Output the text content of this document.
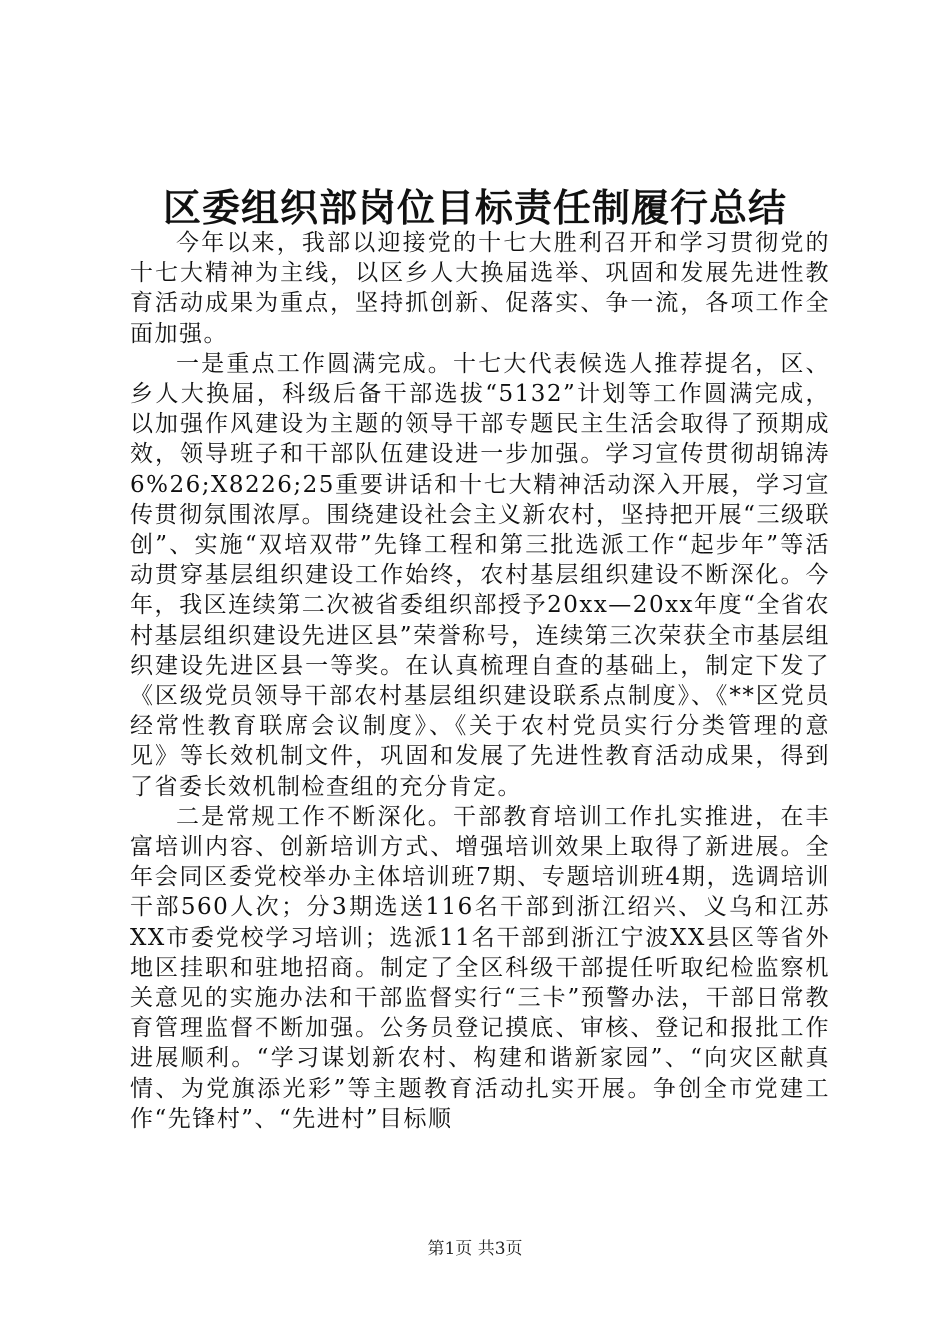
区委组织部岗位目标责任制履行总结

今年以来，我部以迎接党的十七大胜利召开和学习贯彻党的十七大精神为主线，以区乡人大换届选举、巩固和发展先进性教育活动成果为重点，坚持抓创新、促落实、争一流，各项工作全面加强。

一是重点工作圆满完成。十七大代表候选人推荐提名，区、乡人大换届，科级后备干部选拔“5132”计划等工作圆满完成，以加强作风建设为主题的领导干部专题民主生活会取得了预期成效，领导班子和干部队伍建设进一步加强。学习宣传贯彻胡锦涛6%26;X8226;25重要讲话和十七大精神活动深入开展，学习宣传贯彻氛围浓厚。围绕建设社会主义新农村，坚持把开展“三级联创”、实施“双培双带”先锋工程和第三批选派工作“起步年”等活动贯穿基层组织建设工作始终，农村基层组织建设不断深化。今年，我区连续第二次被省委组织部授予20xx—20xx年度“全省农村基层组织建设先进区县”荣誉称号，连续第三次荣获全市基层组织建设先进区县一等奖。在认真梳理自查的基础上，制定下发了《区级党员领导干部农村基层组织建设联系点制度》、《**区党员经常性教育联席会议制度》、《关于农村党员实行分类管理的意见》等长效机制文件，巩固和发展了先进性教育活动成果，得到了省委长效机制检查组的充分肯定。

二是常规工作不断深化。干部教育培训工作扎实推进，在丰富培训内容、创新培训方式、增强培训效果上取得了新进展。全年会同区委党校举办主体培训班7期、专题培训班4期，选调培训干部560人次；分3期选送116名干部到浙江绍兴、义乌和江苏XX市委党校学习培训；选派11名干部到浙江宁波XX县区等省外地区挂职和驻地招商。制定了全区科级干部提任听取纪检监察机关意见的实施办法和干部监督实行“三卡”预警办法，干部日常教育管理监督不断加强。公务员登记摸底、审核、登记和报批工作进展顺利。“学习谋划新农村、构建和谐新家园”、“向灾区献真情、为党旗添光彩”等主题教育活动扎实开展。争创全市党建工作“先锋村”、“先进村”目标顺

第1页 共3页
